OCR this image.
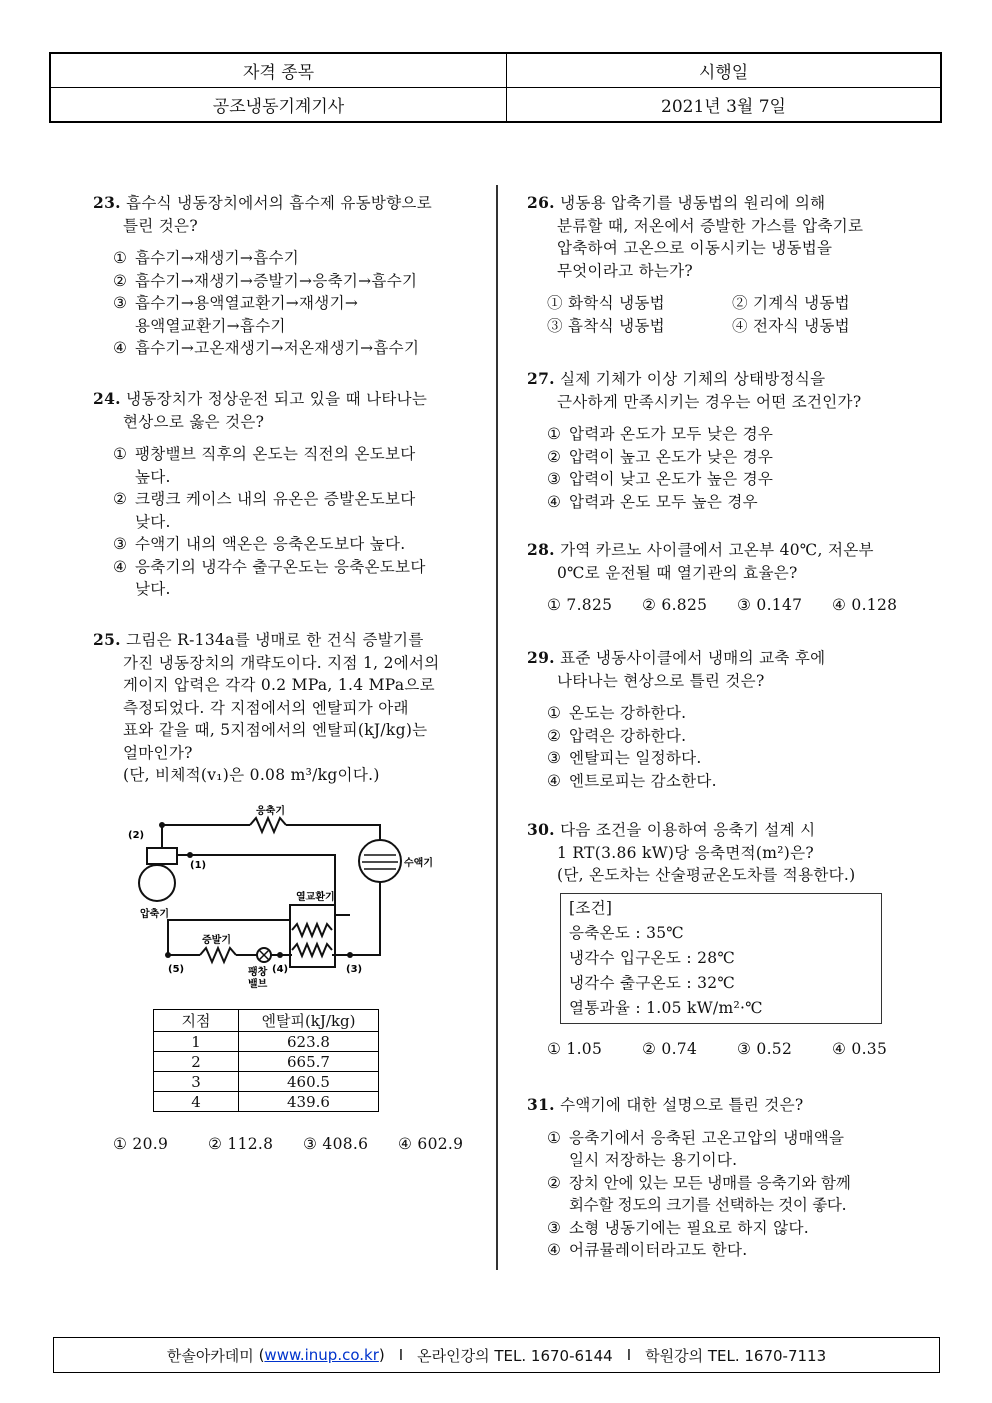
자격 종목	시행일
공조냉동기계기사	2021년 3월 7일

23. 흡수식 냉동장치에서의 흡수제 유동방향으로

틀린 것은?

① 흡수기→재생기→흡수기
② 흡수기→재생기→증발기→응축기→흡수기
③ 흡수기→용액열교환기→재생기→
용액열교환기→흡수기
④ 흡수기→고온재생기→저온재생기→흡수기

24. 냉동장치가 정상운전 되고 있을 때 나타나는

현상으로 옳은 것은?

① 팽창밸브 직후의 온도는 직전의 온도보다
높다.
② 크랭크 케이스 내의 유온은 증발온도보다
낮다.
③ 수액기 내의 액온은 응축온도보다 높다.
④ 응축기의 냉각수 출구온도는 응축온도보다
낮다.

25. 그림은 R-134a를 냉매로 한 건식 증발기를

가진 냉동장치의 개략도이다. 지점 1, 2에서의

게이지 압력은 각각 0.2 MPa, 1.4 MPa으로

측정되었다. 각 지점에서의 엔탈피가 아래

표와 같을 때, 5지점에서의 엔탈피(kJ/kg)는

얼마인가?

(단, 비체적(v₁)은 0.08 m³/kg이다.)

응축기
수액기
압축기
열교환기
증발기
팽창
밸브
(2)
(1)
(5)	(4)	(3)
지점	엔탈피(kJ/kg)
1	623.8
2	665.7
3	460.5
4	439.6
① 20.9	② 112.8	③ 408.6	④ 602.9

26. 냉동용 압축기를 냉동법의 원리에 의해

분류할 때, 저온에서 증발한 가스를 압축기로

압축하여 고온으로 이동시키는 냉동법을

무엇이라고 하는가?

① 화학식 냉동법	② 기계식 냉동법
③ 흡착식 냉동법	④ 전자식 냉동법

27. 실제 기체가 이상 기체의 상태방정식을

근사하게 만족시키는 경우는 어떤 조건인가?

① 압력과 온도가 모두 낮은 경우
② 압력이 높고 온도가 낮은 경우
③ 압력이 낮고 온도가 높은 경우
④ 압력과 온도 모두 높은 경우

28. 가역 카르노 사이클에서 고온부 40℃, 저온부

0℃로 운전될 때 열기관의 효율은?

① 7.825	② 6.825	③ 0.147	④ 0.128

29. 표준 냉동사이클에서 냉매의 교축 후에

나타나는 현상으로 틀린 것은?

① 온도는 강하한다.
② 압력은 강하한다.
③ 엔탈피는 일정하다.
④ 엔트로피는 감소한다.

30. 다음 조건을 이용하여 응축기 설계 시

1 RT(3.86 kW)당 응축면적(m²)은?

(단, 온도차는 산술평균온도차를 적용한다.)

[조건]
응축온도 : 35℃
냉각수 입구온도 : 28℃
냉각수 출구온도 : 32℃
열통과율 : 1.05 kW/m²·℃
① 1.05	② 0.74	③ 0.52	④ 0.35

31. 수액기에 대한 설명으로 틀린 것은?

① 응축기에서 응축된 고온고압의 냉매액을
일시 저장하는 용기이다.
② 장치 안에 있는 모든 냉매를 응축기와 함께
회수할 정도의 크기를 선택하는 것이 좋다.
③ 소형 냉동기에는 필요로 하지 않다.
④ 어큐뮬레이터라고도 한다.
한솔아카데미 ( www.inup.co.kr ) I 온라인강의 TEL. 1670-6144 I 학원강의 TEL. 1670-7113
